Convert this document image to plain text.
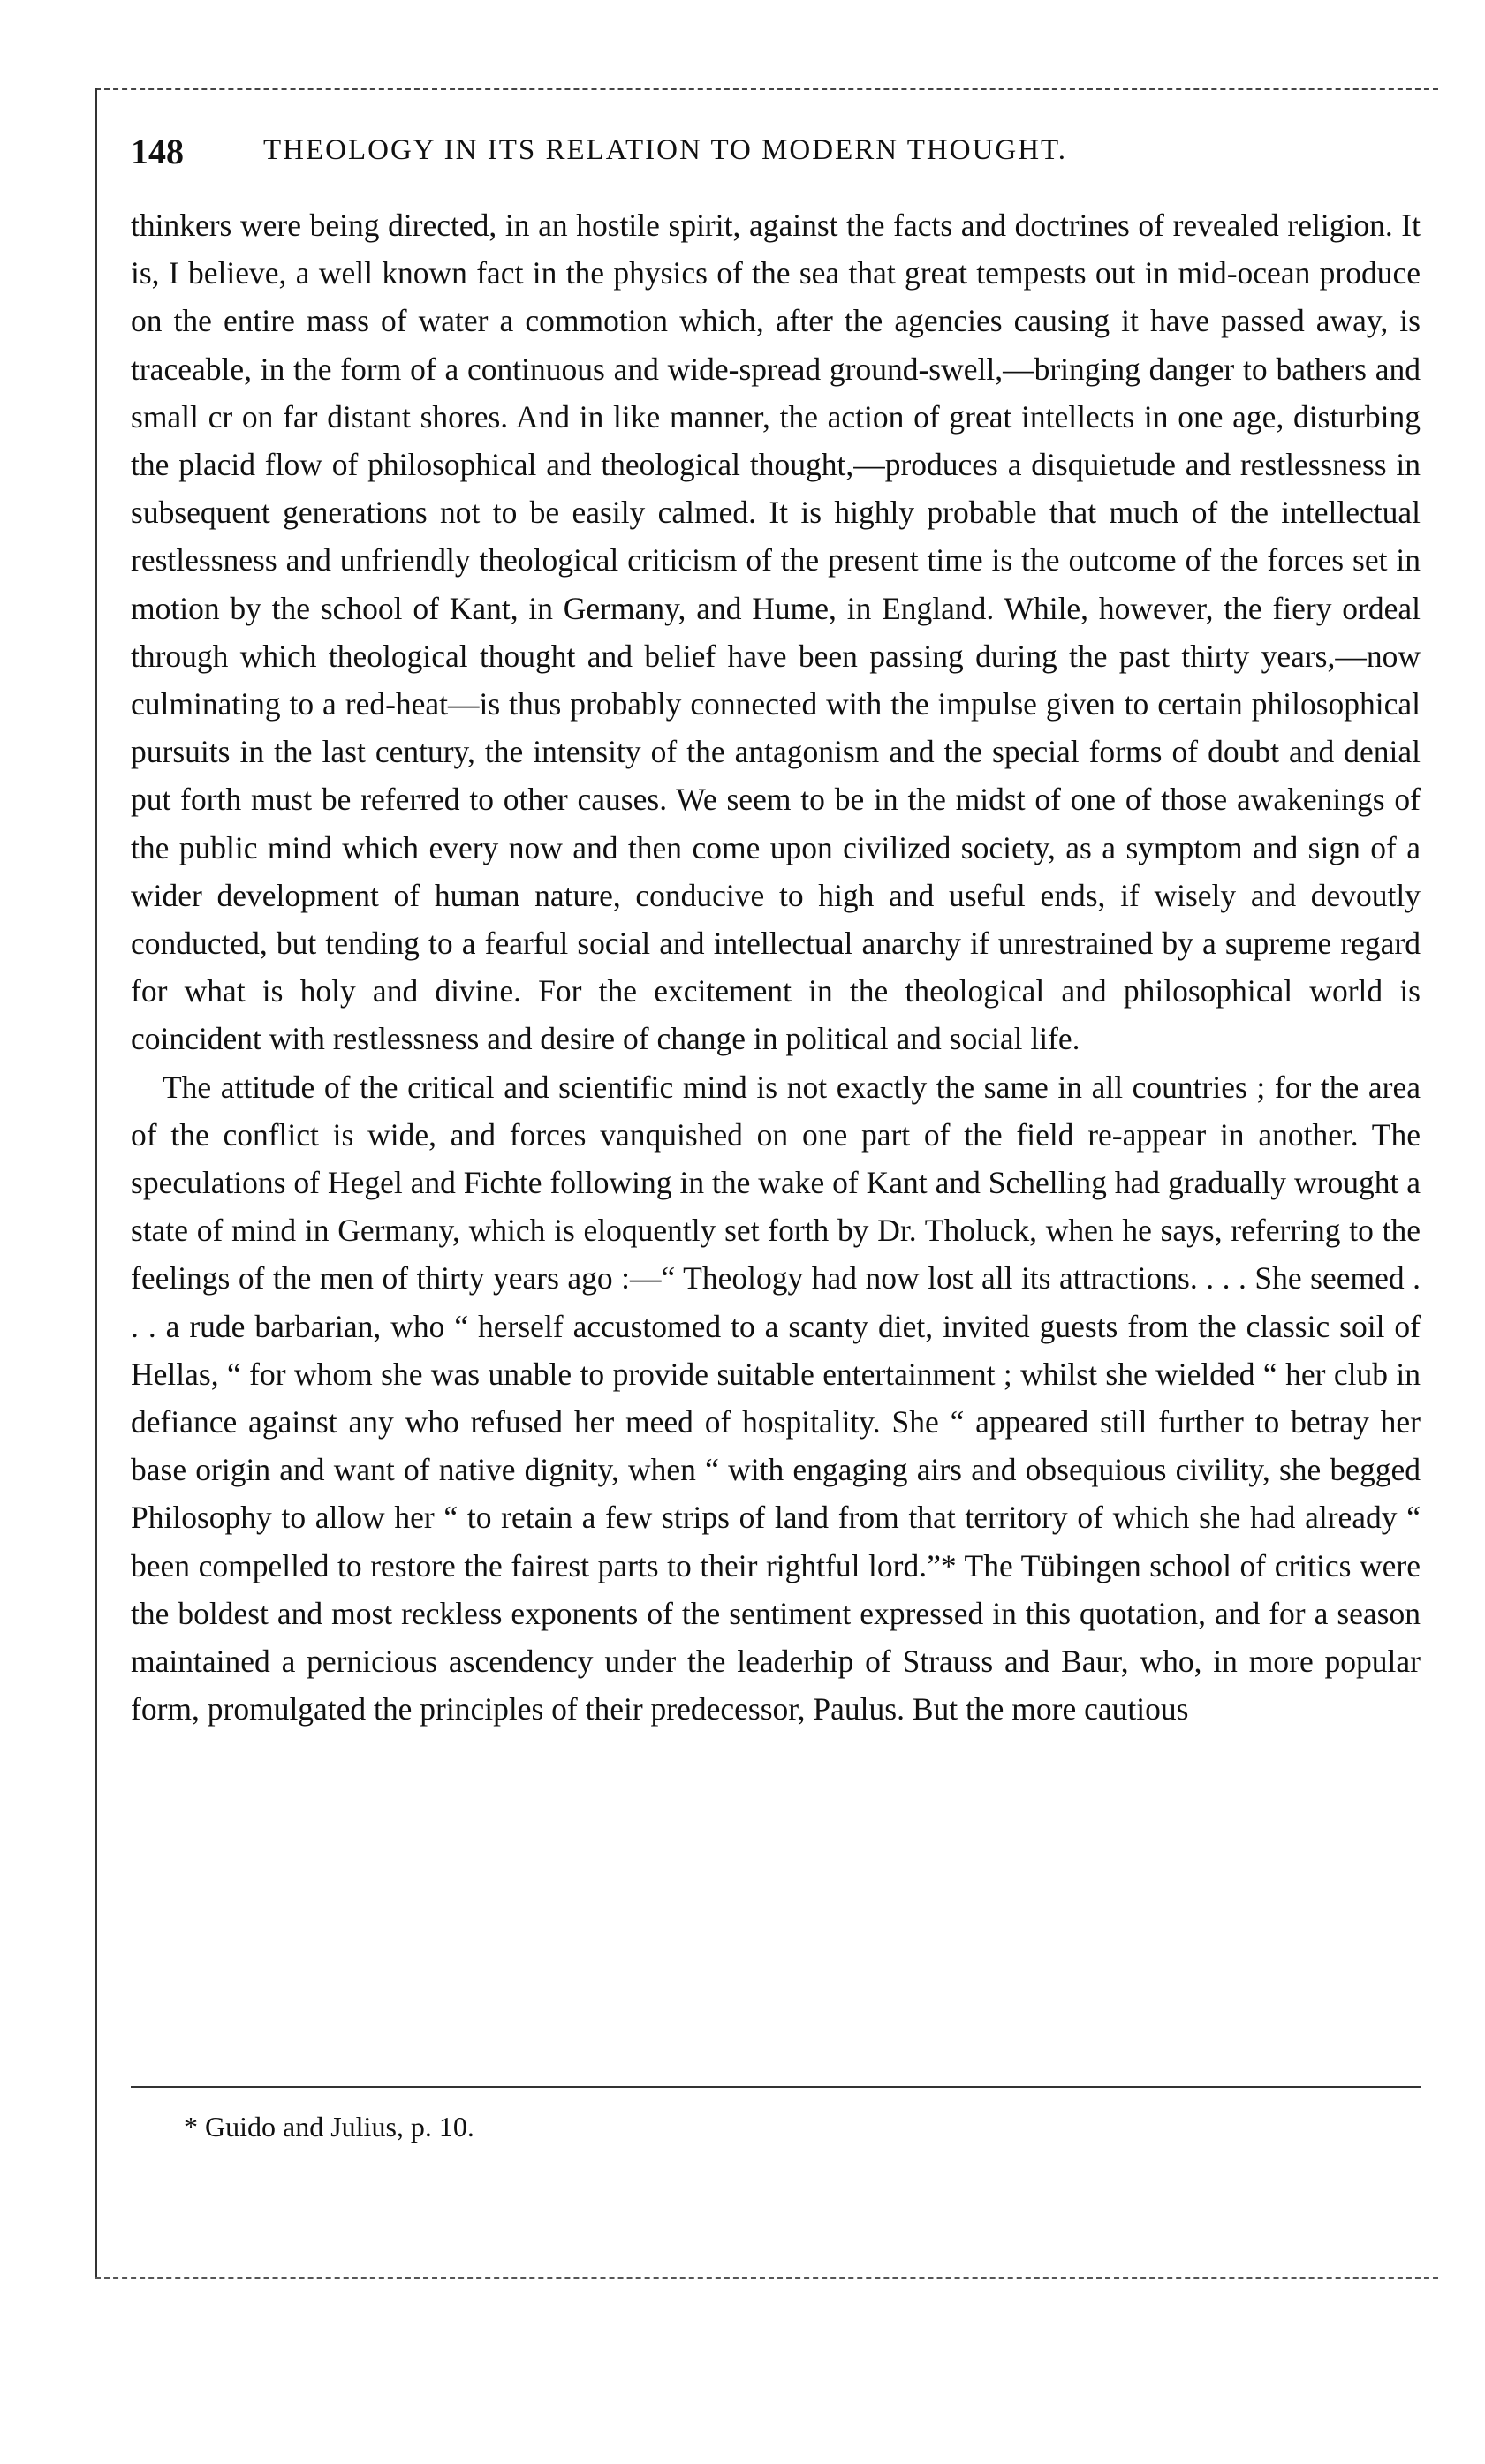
148	THEOLOGY IN ITS RELATION TO MODERN THOUGHT.

thinkers were being directed, in an hostile spirit, against the facts and doctrines of revealed religion. It is, I believe, a well known fact in the physics of the sea that great tempests out in mid-ocean produce on the entire mass of water a commotion which, after the agencies causing it have passed away, is traceable, in the form of a continuous and wide-spread ground-swell,—bringing danger to bathers and small cr on far distant shores. And in like manner, the action of great intellects in one age, disturbing the placid flow of philosophical and theological thought,—produces a disquietude and restlessness in subsequent generations not to be easily calmed. It is highly probable that much of the intellectual restlessness and unfriendly theological criticism of the present time is the outcome of the forces set in motion by the school of Kant, in Germany, and Hume, in England. While, however, the fiery ordeal through which theological thought and belief have been passing during the past thirty years,—now culminating to a red-heat—is thus probably connected with the impulse given to certain philosophical pursuits in the last century, the intensity of the antagonism and the special forms of doubt and denial put forth must be referred to other causes. We seem to be in the midst of one of those awakenings of the public mind which every now and then come upon civilized society, as a symptom and sign of a wider development of human nature, conducive to high and useful ends, if wisely and devoutly conducted, but tending to a fearful social and intellectual anarchy if unrestrained by a supreme regard for what is holy and divine. For the excitement in the theological and philosophical world is coincident with restlessness and desire of change in political and social life.

The attitude of the critical and scientific mind is not exactly the same in all countries ; for the area of the conflict is wide, and forces vanquished on one part of the field re-appear in another. The speculations of Hegel and Fichte following in the wake of Kant and Schelling had gradually wrought a state of mind in Germany, which is eloquently set forth by Dr. Tholuck, when he says, referring to the feelings of the men of thirty years ago :—“ Theology had now lost all its attractions. . . . She seemed . . . a rude barbarian, who “ herself accustomed to a scanty diet, invited guests from the classic soil of Hellas, “ for whom she was unable to provide suitable entertainment ; whilst she wielded “ her club in defiance against any who refused her meed of hospitality. She “ appeared still further to betray her base origin and want of native dignity, when “ with engaging airs and obsequious civility, she begged Philosophy to allow her “ to retain a few strips of land from that territory of which she had already “ been compelled to restore the fairest parts to their rightful lord.”* The Tübingen school of critics were the boldest and most reckless exponents of the sentiment expressed in this quotation, and for a season maintained a pernicious ascendency under the leaderhip of Strauss and Baur, who, in more popular form, promulgated the principles of their predecessor, Paulus. But the more cautious

* Guido and Julius, p. 10.
